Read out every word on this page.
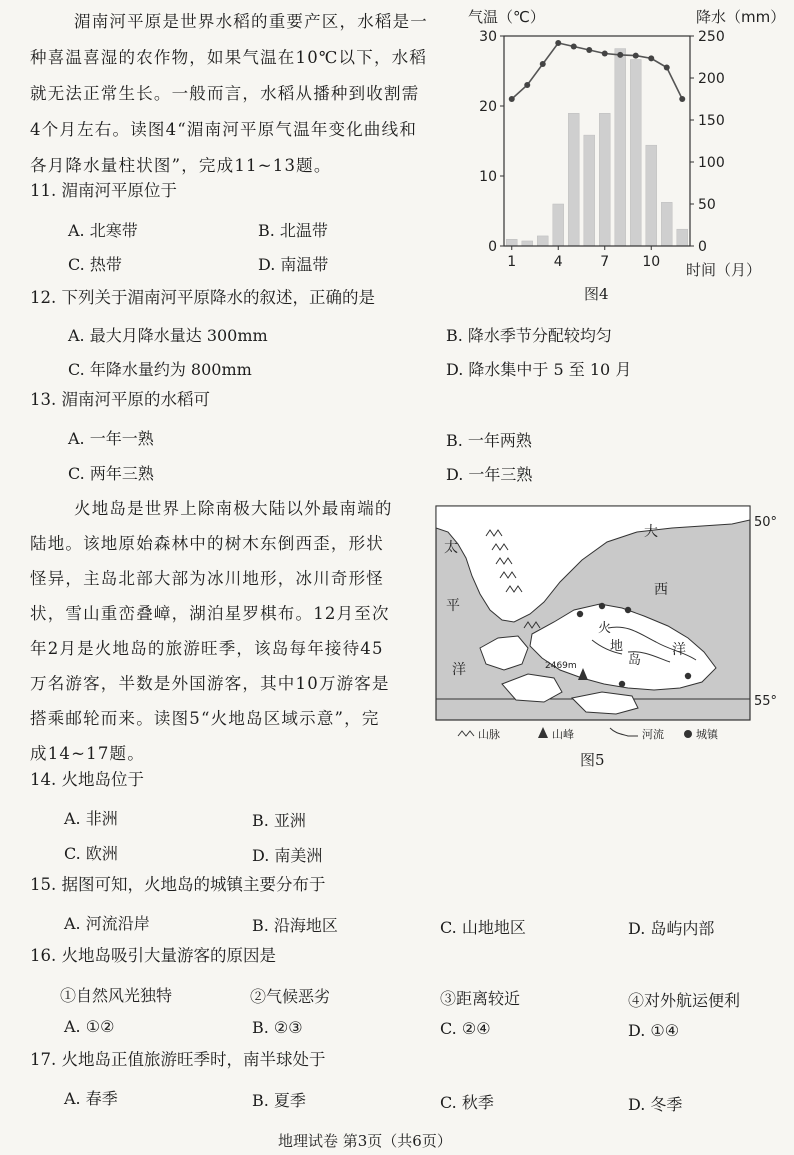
湄南河平原是世界水稻的重要产区，水稻是一
种喜温喜湿的农作物，如果气温在10℃以下，水稻
就无法正常生长。一般而言，水稻从播种到收割需
4个月左右。读图4“湄南河平原气温年变化曲线和
各月降水量柱状图”，完成11~13题。
气温（℃）	降水（mm）
0
10
20
30
0
50
100
150
200
250
1	4	7 10 时间（月）
图4
11. 湄南河平原位于
A. 北寒带	B. 北温带
C. 热带	D. 南温带
12. 下列关于湄南河平原降水的叙述，正确的是
A. 最大月降水量达 300mm	B. 降水季节分配较均匀
C. 年降水量约为 800mm	D. 降水集中于 5 至 10 月
13. 湄南河平原的水稻可
A. 一年一熟	B. 一年两熟
C. 两年三熟	D. 一年三熟
火地岛是世界上除南极大陆以外最南端的
陆地。该地原始森林中的树木东倒西歪，形状
怪异，主岛北部大部为冰川地形，冰川奇形怪
状，雪山重峦叠嶂，湖泊星罗棋布。12月至次
年2月是火地岛的旅游旺季，该岛每年接待45
万名游客，半数是外国游客，其中10万游客是
搭乘邮轮而来。读图5“火地岛区域示意”，完
成14~17题。
2469m
太
平
洋
大
西
洋
火
地
岛
50°
55°
山脉	山峰	河流	城镇
图5
14. 火地岛位于
A. 非洲	B. 亚洲
C. 欧洲	D. 南美洲
15. 据图可知，火地岛的城镇主要分布于
A. 河流沿岸	B. 沿海地区	C. 山地地区	D. 岛屿内部
16. 火地岛吸引大量游客的原因是
①自然风光独特	②气候恶劣	③距离较近	④对外航运便利
A. ①②	B. ②③	C. ②④	D. ①④
17. 火地岛正值旅游旺季时，南半球处于
A. 春季	B. 夏季	C. 秋季	D. 冬季
地理试卷 第3页（共6页）
